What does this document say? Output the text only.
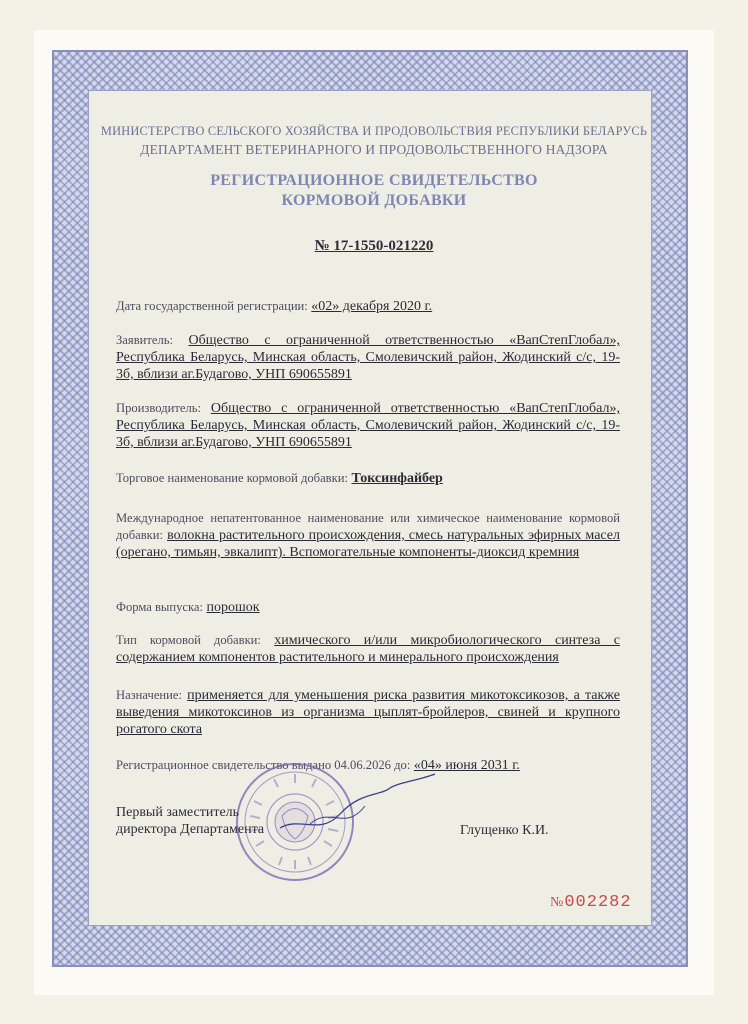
МИНИСТЕРСТВО СЕЛЬСКОГО ХОЗЯЙСТВА И ПРОДОВОЛЬСТВИЯ РЕСПУБЛИКИ БЕЛАРУСЬ
ДЕПАРТАМЕНТ ВЕТЕРИНАРНОГО И ПРОДОВОЛЬСТВЕННОГО НАДЗОРА
РЕГИСТРАЦИОННОЕ СВИДЕТЕЛЬСТВО
КОРМОВОЙ ДОБАВКИ
№ 17-1550-021220
Дата государственной регистрации: «02» декабря 2020 г.
Заявитель: Общество с ограниченной ответственностью «ВапСтепГлобал», Республика Беларусь, Минская область, Смолевичский район, Жодинский с/с, 19-3б, вблизи аг.Будагово, УНП 690655891
Производитель: Общество с ограниченной ответственностью «ВапСтепГлобал», Республика Беларусь, Минская область, Смолевичский район, Жодинский с/с, 19-3б, вблизи аг.Будагово, УНП 690655891
Торговое наименование кормовой добавки: Токсинфайбер
Международное непатентованное наименование или химическое наименование кормовой добавки: волокна растительного происхождения, смесь натуральных эфирных масел (орегано, тимьян, эвкалипт). Вспомогательные компоненты-диоксид кремния
Форма выпуска: порошок
Тип кормовой добавки: химического и/или микробиологического синтеза с содержанием компонентов растительного и минерального происхождения
Назначение: применяется для уменьшения риска развития микотоксикозов, а также выведения микотоксинов из организма цыплят-бройлеров, свиней и крупного рогатого скота
Регистрационное свидетельство выдано 04.06.2026 до: «04» июня 2031 г.
Первый заместитель
директора Департамента	Глущенко К.И.
№002282
